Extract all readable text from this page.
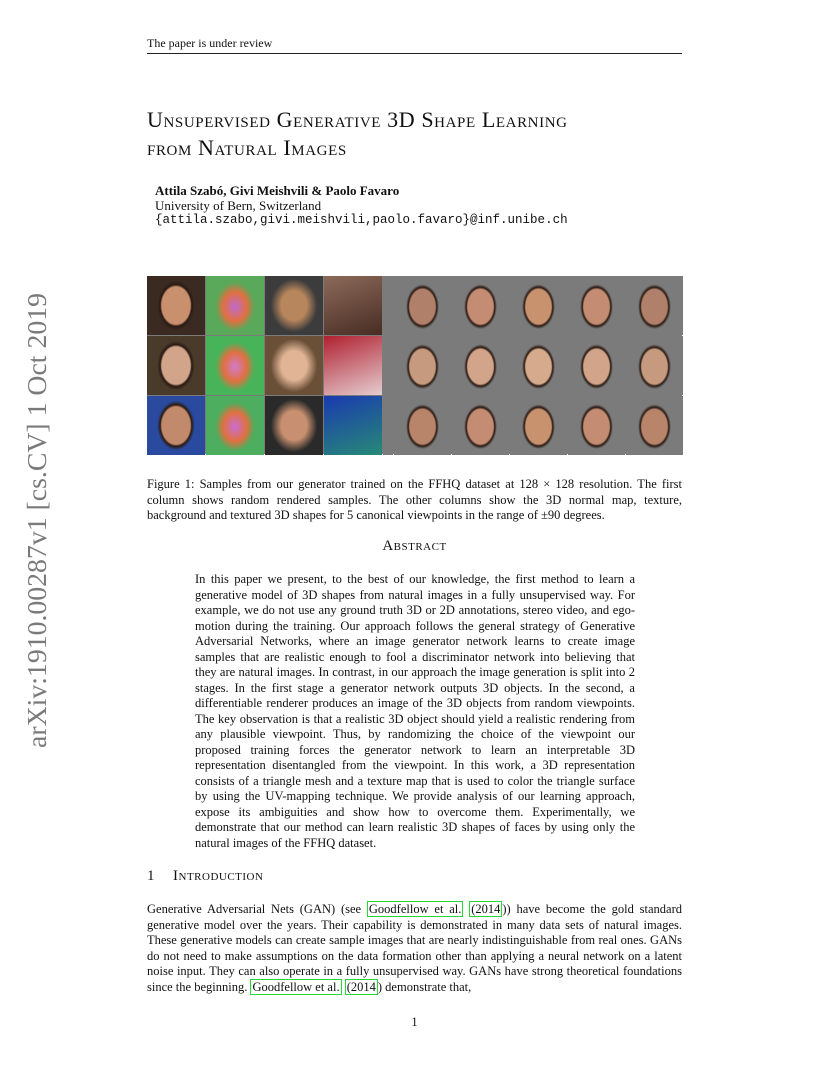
The paper is under review
arXiv:1910.00287v1 [cs.CV] 1 Oct 2019
Unsupervised Generative 3D Shape Learning
from Natural Images
Attila Szabó, Givi Meishvili & Paolo Favaro
University of Bern, Switzerland
{attila.szabo,givi.meishvili,paolo.favaro}@inf.unibe.ch
Figure 1: Samples from our generator trained on the FFHQ dataset at 128 × 128 resolution. The first column shows random rendered samples. The other columns show the 3D normal map, texture, background and textured 3D shapes for 5 canonical viewpoints in the range of ±90 degrees.
Abstract
In this paper we present, to the best of our knowledge, the first method to learn a generative model of 3D shapes from natural images in a fully unsupervised way. For example, we do not use any ground truth 3D or 2D annotations, stereo video, and ego-motion during the training. Our approach follows the general strategy of Generative Adversarial Networks, where an image generator network learns to create image samples that are realistic enough to fool a discriminator network into believing that they are natural images. In contrast, in our approach the image generation is split into 2 stages. In the first stage a generator network outputs 3D objects. In the second, a differentiable renderer produces an image of the 3D objects from random viewpoints. The key observation is that a realistic 3D object should yield a realistic rendering from any plausible viewpoint. Thus, by randomizing the choice of the viewpoint our proposed training forces the generator network to learn an interpretable 3D representation disentangled from the viewpoint. In this work, a 3D representation consists of a triangle mesh and a texture map that is used to color the triangle surface by using the UV-mapping technique. We provide analysis of our learning approach, expose its ambiguities and show how to overcome them. Experimentally, we demonstrate that our method can learn realistic 3D shapes of faces by using only the natural images of the FFHQ dataset.
1 Introduction
Generative Adversarial Nets (GAN) (see Goodfellow et al. (2014 )) have become the gold standard generative model over the years. Their capability is demonstrated in many data sets of natural images. These generative models can create sample images that are nearly indistinguishable from real ones. GANs do not need to make assumptions on the data formation other than applying a neural network on a latent noise input. They can also operate in a fully unsupervised way. GANs have strong theoretical foundations since the beginning. Goodfellow et al. (2014 ) demonstrate that,
1
